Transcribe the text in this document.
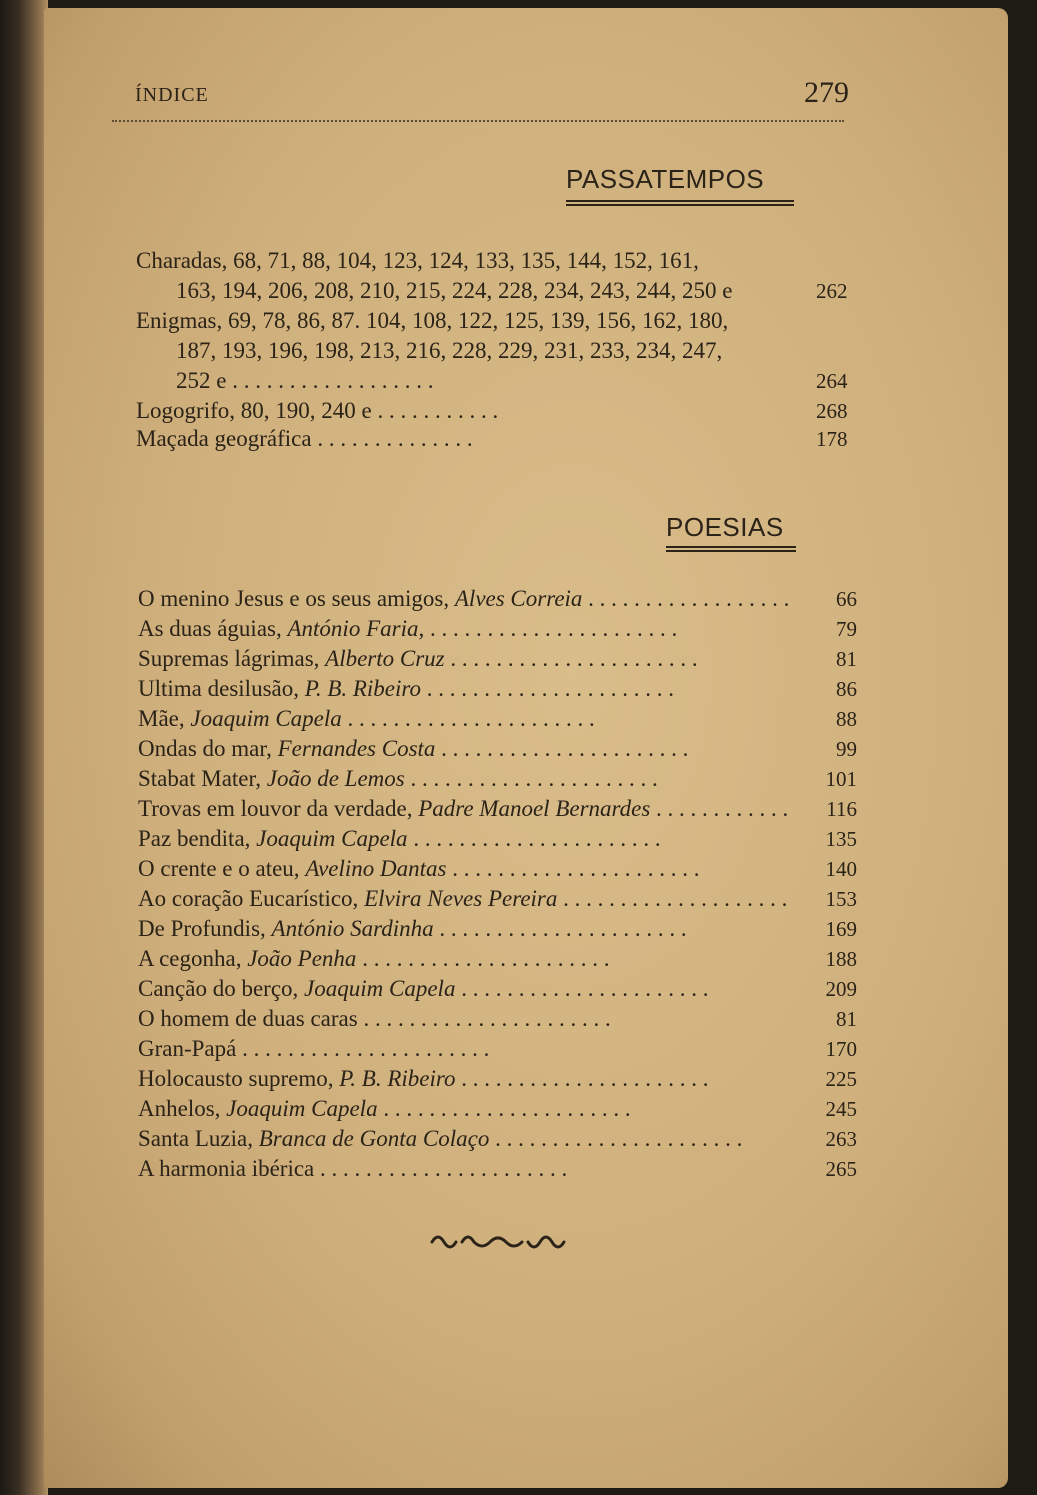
ÍNDICE	279
PASSATEMPOS
Charadas, 68, 71, 88, 104, 123, 124, 133, 135, 144, 152, 161,
163, 194, 206, 208, 210, 215, 224, 228, 234, 243, 244, 250 e	262
Enigmas, 69, 78, 86, 87. 104, 108, 122, 125, 139, 156, 162, 180,
187, 193, 196, 198, 213, 216, 228, 229, 231, 233, 234, 247,
252 e . . . . . . . . . . . . . . . . . .	264
Logogrifo, 80, 190, 240 e . . . . . . . . . . .	268
Maçada geográfica . . . . . . . . . . . . . .	178
POESIAS
O menino Jesus e os seus amigos, Alves Correia . . . . . . . . . . . . . . . . . . 66
As duas águias, António Faria, . . . . . . . . . . . . . . . . . . . . . .	79
Supremas lágrimas, Alberto Cruz . . . . . . . . . . . . . . . . . . . . . .	81
Ultima desilusão, P. B. Ribeiro . . . . . . . . . . . . . . . . . . . . . .	86
Mãe, Joaquim Capela . . . . . . . . . . . . . . . . . . . . . .	88
Ondas do mar, Fernandes Costa . . . . . . . . . . . . . . . . . . . . . .	99
Stabat Mater, João de Lemos . . . . . . . . . . . . . . . . . . . . . .	101
Trovas em louvor da verdade, Padre Manoel Bernardes . . . . . . . . . . . . 116
Paz bendita, Joaquim Capela . . . . . . . . . . . . . . . . . . . . . .	135
O crente e o ateu, Avelino Dantas . . . . . . . . . . . . . . . . . . . . . .	140
Ao coração Eucarístico, Elvira Neves Pereira . . . . . . . . . . . . . . . . . . . . 153
De Profundis, António Sardinha . . . . . . . . . . . . . . . . . . . . . .	169
A cegonha, João Penha . . . . . . . . . . . . . . . . . . . . . .	188
Canção do berço, Joaquim Capela . . . . . . . . . . . . . . . . . . . . . .	209
O homem de duas caras . . . . . . . . . . . . . . . . . . . . . .	81
Gran-Papá . . . . . . . . . . . . . . . . . . . . . .	170
Holocausto supremo, P. B. Ribeiro . . . . . . . . . . . . . . . . . . . . . .	225
Anhelos, Joaquim Capela . . . . . . . . . . . . . . . . . . . . . .	245
Santa Luzia, Branca de Gonta Colaço . . . . . . . . . . . . . . . . . . . . . .	263
A harmonia ibérica . . . . . . . . . . . . . . . . . . . . . .	265
